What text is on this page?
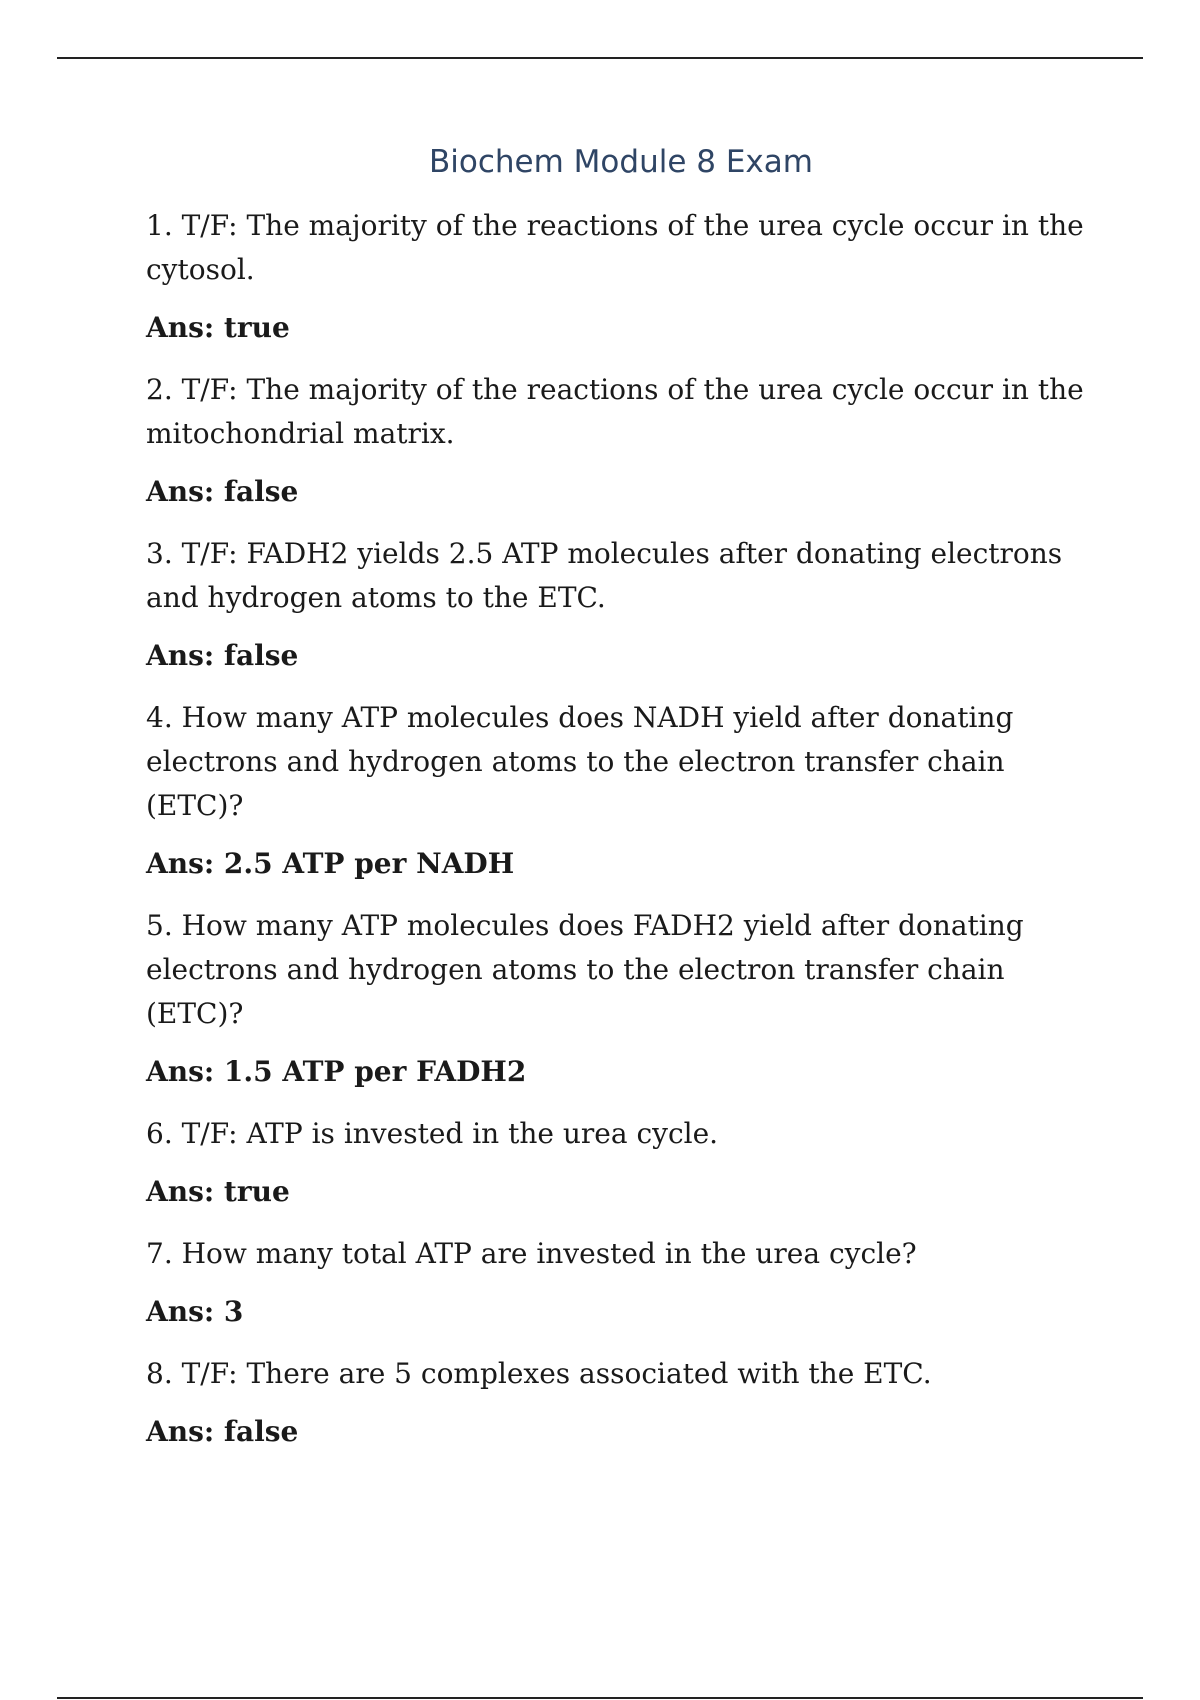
Biochem Module 8 Exam

1. T/F: The majority of the reactions of the urea cycle occur in the cytosol.

Ans: true

2. T/F: The majority of the reactions of the urea cycle occur in the mitochondrial matrix.

Ans: false

3. T/F: FADH2 yields 2.5 ATP molecules after donating electrons and hydrogen atoms to the ETC.

Ans: false

4. How many ATP molecules does NADH yield after donating electrons and hydrogen atoms to the electron transfer chain (ETC)?

Ans: 2.5 ATP per NADH

5. How many ATP molecules does FADH2 yield after donating electrons and hydrogen atoms to the electron transfer chain (ETC)?

Ans: 1.5 ATP per FADH2

6. T/F: ATP is invested in the urea cycle.

Ans: true

7. How many total ATP are invested in the urea cycle?

Ans: 3

8. T/F: There are 5 complexes associated with the ETC.

Ans: false
